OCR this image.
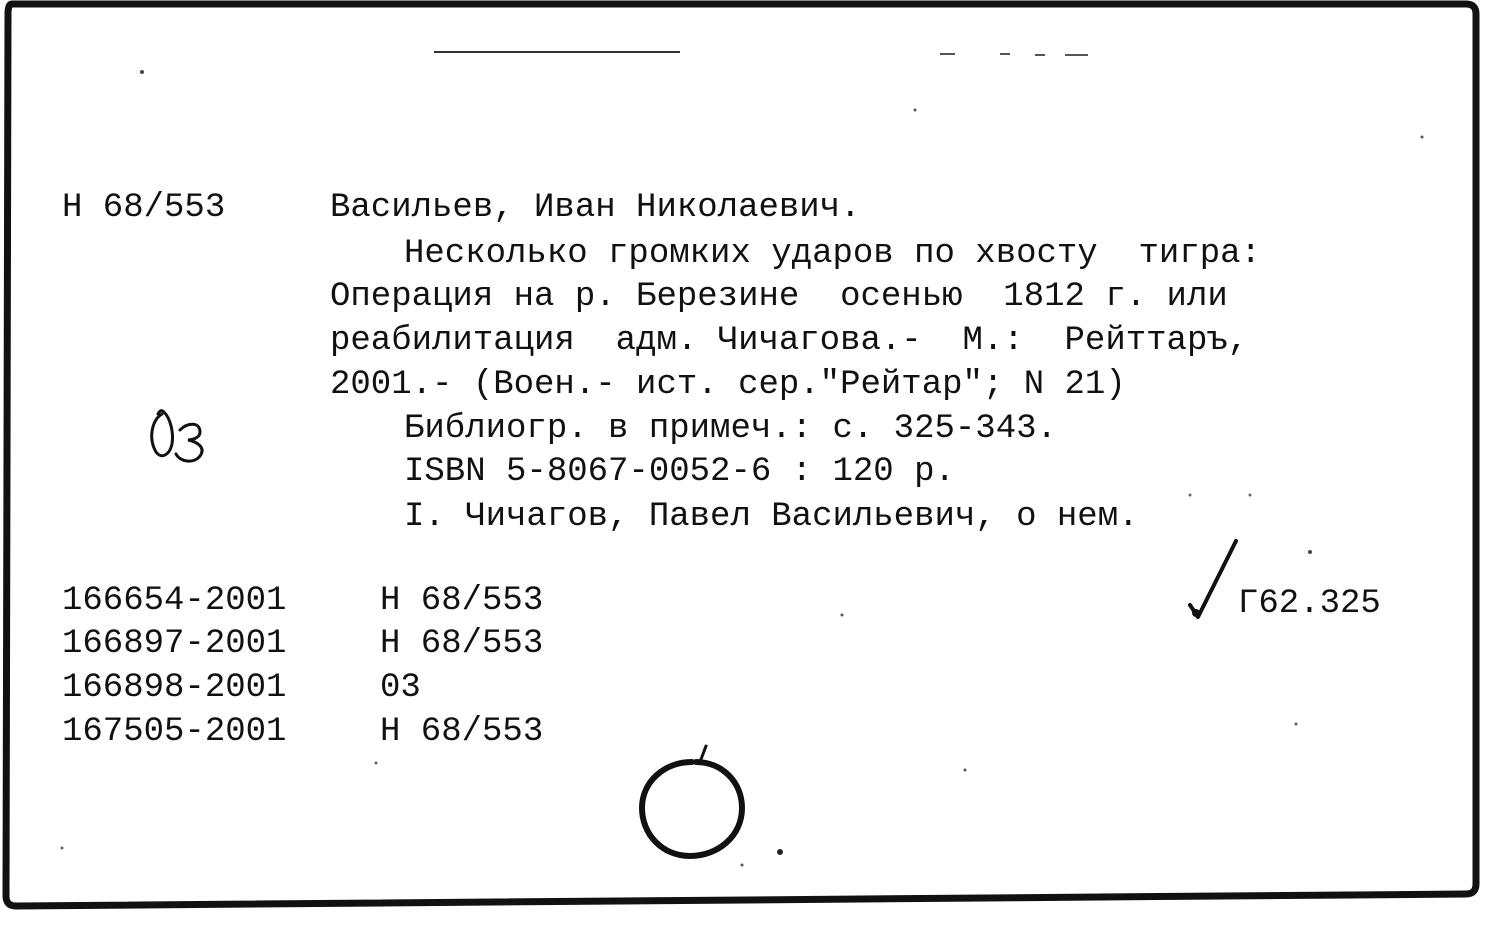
Н 68/553	Васильев, Иван Николаевич.
Несколько громких ударов по хвосту  тигра:
Операция на р. Березине  осенью  1812 г. или
реабилитация  адм. Чичагова.-  М.:  Рейттаръ,
2001.- (Воен.- ист. сер."Рейтар"; N 21)
Библиогр. в примеч.: с. 325-343.
ISBN 5-8067-0052-6 : 120 р.
I. Чичагов, Павел Васильевич, о нем.
166654-2001	Н 68/553
166897-2001	Н 68/553
166898-2001	03
167505-2001	Н 68/553
Г62.325
